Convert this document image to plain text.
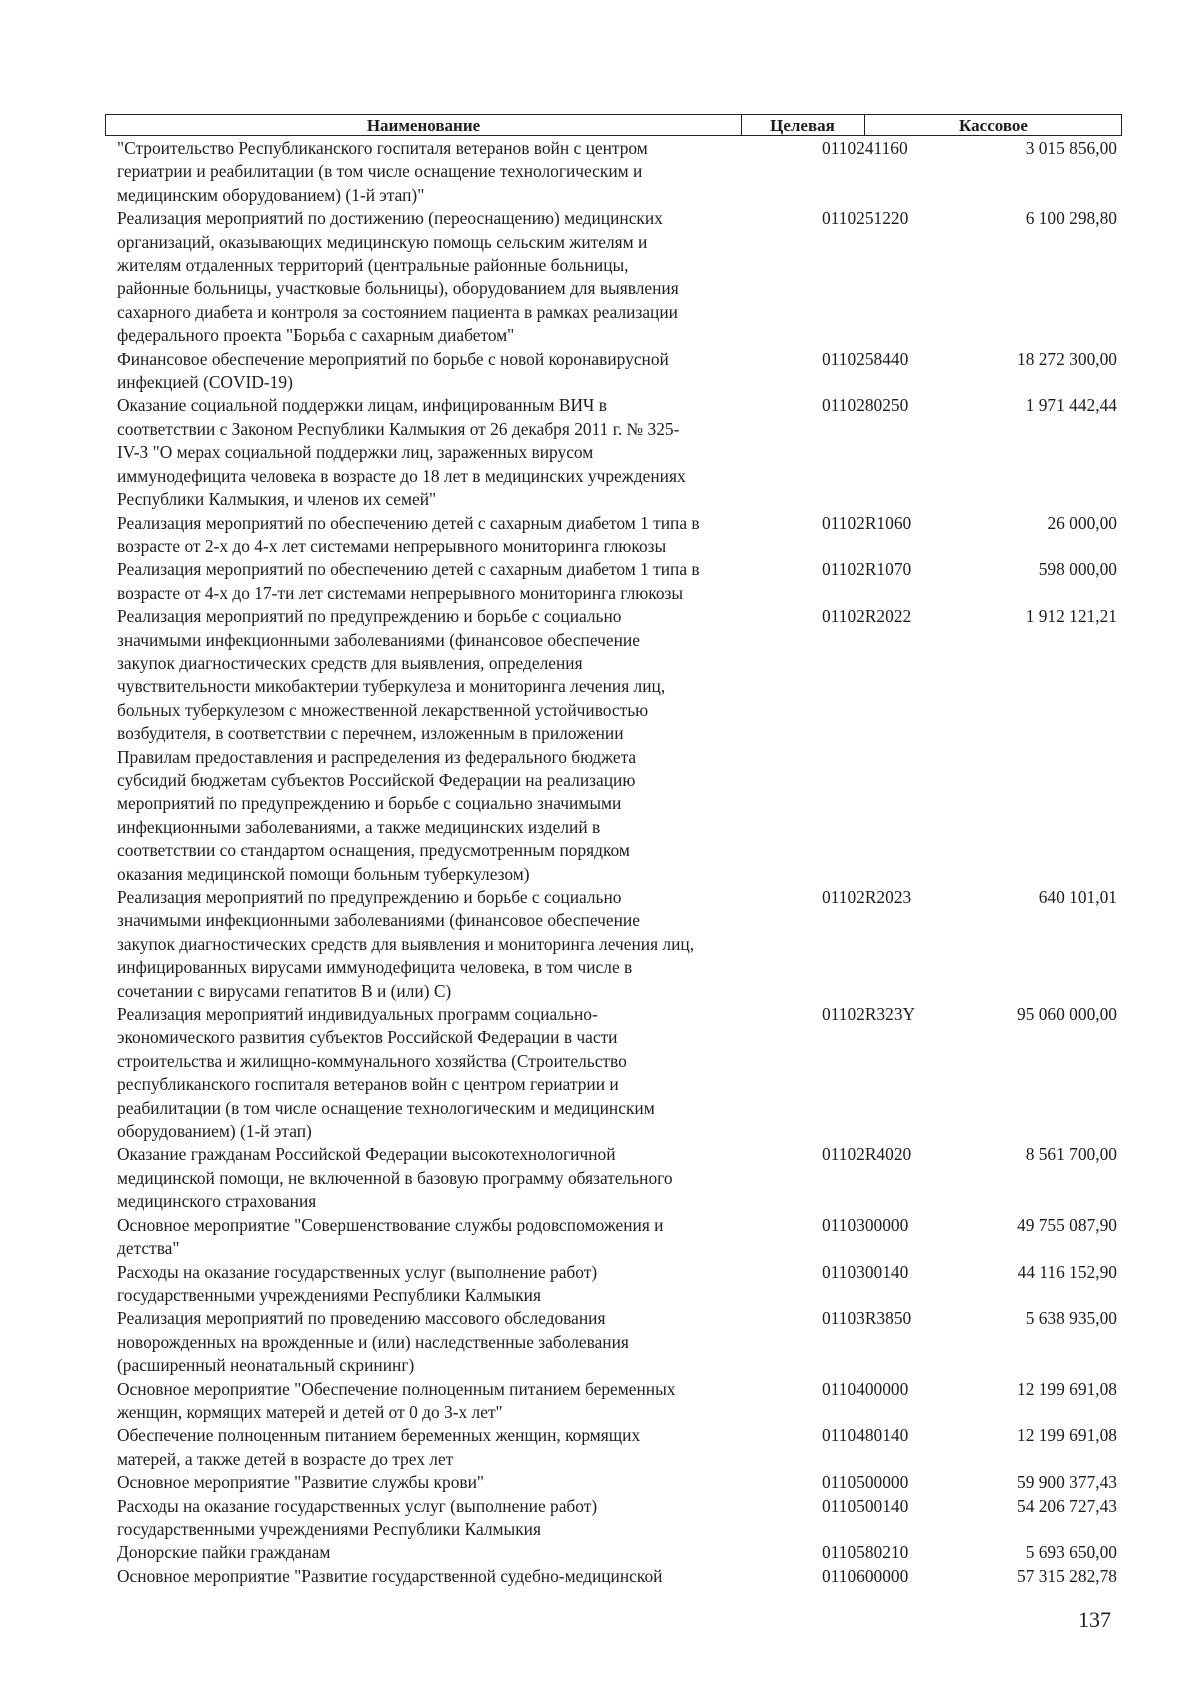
Наименование	Целевая	Кассовое
"Строительство Республиканского госпиталя ветеранов войн с центром
гериатрии и реабилитации (в том числе оснащение технологическим и
медицинским оборудованием) (1-й этап)"
0110241160	3 015 856,00
Реализация мероприятий по достижению (переоснащению) медицинских
организаций, оказывающих медицинскую помощь сельским жителям и
жителям отдаленных территорий (центральные районные больницы,
районные больницы, участковые больницы), оборудованием для выявления
сахарного диабета и контроля за состоянием пациента в рамках реализации
федерального проекта "Борьба с сахарным диабетом"
0110251220	6 100 298,80
Финансовое обеспечение мероприятий по борьбе с новой коронавирусной
инфекцией (COVID-19)
0110258440	18 272 300,00
Оказание социальной поддержки лицам, инфицированным ВИЧ в
соответствии с Законом Республики Калмыкия от 26 декабря 2011 г. № 325-
IV-З "О мерах социальной поддержки лиц, зараженных вирусом
иммунодефицита человека в возрасте до 18 лет в медицинских учреждениях
Республики Калмыкия, и членов их семей"
0110280250	1 971 442,44
Реализация мероприятий по обеспечению детей с сахарным диабетом 1 типа в
возрасте от 2-х до 4-х лет системами непрерывного мониторинга глюкозы
01102R1060	26 000,00
Реализация мероприятий по обеспечению детей с сахарным диабетом 1 типа в
возрасте от 4-х до 17-ти лет системами непрерывного мониторинга глюкозы
01102R1070	598 000,00
Реализация мероприятий по предупреждению и борьбе с социально
значимыми инфекционными заболеваниями (финансовое обеспечение
закупок диагностических средств для выявления, определения
чувствительности микобактерии туберкулеза и мониторинга лечения лиц,
больных туберкулезом с множественной лекарственной устойчивостью
возбудителя, в соответствии с перечнем, изложенным в приложении
Правилам предоставления и распределения из федерального бюджета
субсидий бюджетам субъектов Российской Федерации на реализацию
мероприятий по предупреждению и борьбе с социально значимыми
инфекционными заболеваниями, а также медицинских изделий в
соответствии со стандартом оснащения, предусмотренным порядком
оказания медицинской помощи больным туберкулезом)
01102R2022	1 912 121,21
Реализация мероприятий по предупреждению и борьбе с социально
значимыми инфекционными заболеваниями (финансовое обеспечение
закупок диагностических средств для выявления и мониторинга лечения лиц,
инфицированных вирусами иммунодефицита человека, в том числе в
сочетании с вирусами гепатитов В и (или) С)
01102R2023	640 101,01
Реализация мероприятий индивидуальных программ социально-
экономического развития субъектов Российской Федерации в части
строительства и жилищно-коммунального хозяйства (Строительство
республиканского госпиталя ветеранов войн с центром гериатрии и
реабилитации (в том числе оснащение технологическим и медицинским
оборудованием) (1-й этап)
01102R323Y	95 060 000,00
Оказание гражданам Российской Федерации высокотехнологичной
медицинской помощи, не включенной в базовую программу обязательного
медицинского страхования
01102R4020	8 561 700,00
Основное мероприятие "Совершенствование службы родовспоможения и
детства"
0110300000	49 755 087,90
Расходы на оказание государственных услуг (выполнение работ)
государственными учреждениями Республики Калмыкия
0110300140	44 116 152,90
Реализация мероприятий по проведению массового обследования
новорожденных на врожденные и (или) наследственные заболевания
(расширенный неонатальный скрининг)
01103R3850	5 638 935,00
Основное мероприятие "Обеспечение полноценным питанием беременных
женщин, кормящих матерей и детей от 0 до 3-х лет"
0110400000	12 199 691,08
Обеспечение полноценным питанием беременных женщин, кормящих
матерей, а также детей в возрасте до трех лет
0110480140	12 199 691,08
Основное мероприятие "Развитие службы крови"	0110500000	59 900 377,43
Расходы на оказание государственных услуг (выполнение работ)
государственными учреждениями Республики Калмыкия
0110500140	54 206 727,43
Донорские пайки гражданам	0110580210	5 693 650,00
Основное мероприятие "Развитие государственной судебно-медицинской	0110600000	57 315 282,78
137
